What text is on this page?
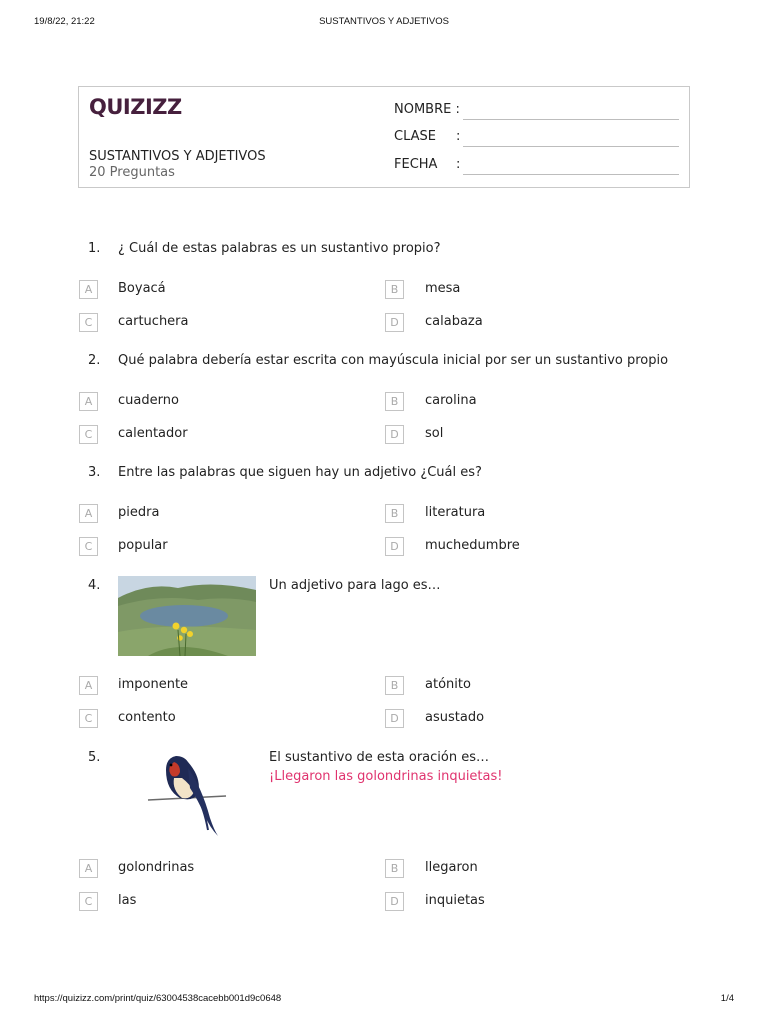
19/8/22, 21:22	SUSTANTIVOS Y ADJETIVOS
QUIZIZZ
SUSTANTIVOS Y ADJETIVOS
20 Preguntas
NOMBRE :
CLASE :
FECHA :
1. ¿ Cuál de estas palabras es un sustantivo propio?
A	Boyacá	B	mesa
C	cartuchera	D	calabaza
2. Qué palabra debería estar escrita con mayúscula inicial por ser un sustantivo propio
A	cuaderno	B	carolina
C	calentador	D	sol
3. Entre las palabras que siguen hay un adjetivo ¿Cuál es?
A	piedra	B	literatura
C	popular	D	muchedumbre
4.	Un adjetivo para lago es…
A	imponente	B	atónito
C	contento	D	asustado
5.	El sustantivo de esta oración es…
¡Llegaron las golondrinas inquietas!
A	golondrinas	B	llegaron
C	las	D	inquietas
https://quizizz.com/print/quiz/63004538cacebb001d9c0648	1/4
